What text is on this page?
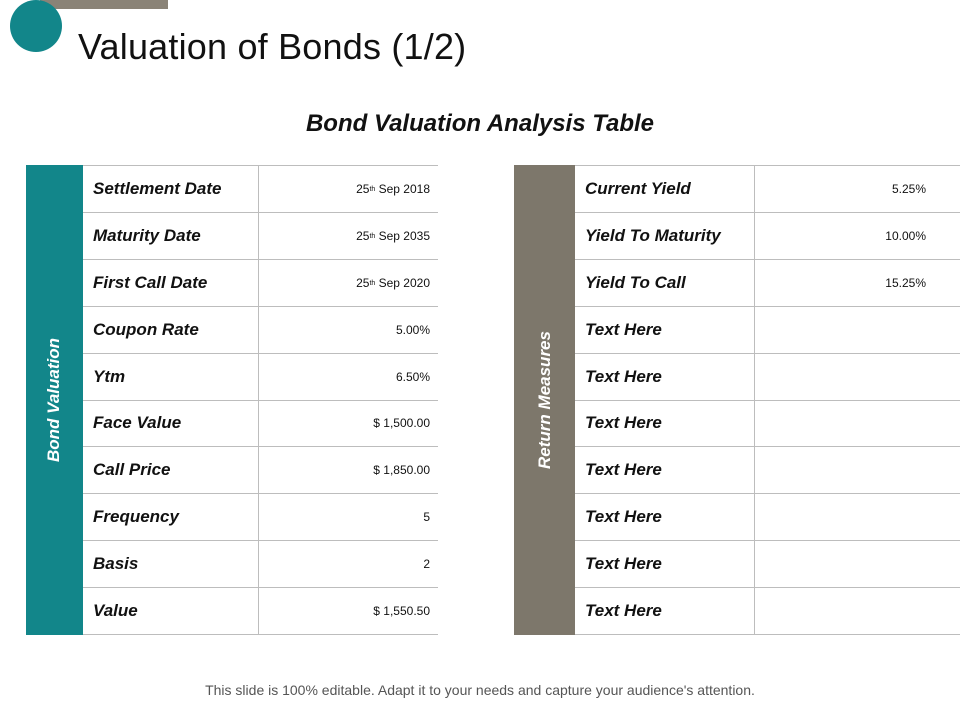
Valuation of Bonds (1/2)
Bond Valuation Analysis Table
Bond Valuation
Settlement Date	25th Sep 2018
Maturity Date	25th Sep 2035
First Call Date	25th Sep 2020
Coupon Rate	5.00%
Ytm	6.50%
Face Value	$ 1,500.00
Call Price	$ 1,850.00
Frequency	5
Basis	2
Value	$ 1,550.50
Return Measures
Current Yield	5.25%
Yield To Maturity	10.00%
Yield To Call	15.25%
Text Here
Text Here
Text Here
Text Here
Text Here
Text Here
Text Here
This slide is 100% editable. Adapt it to your needs and capture your audience's attention.
